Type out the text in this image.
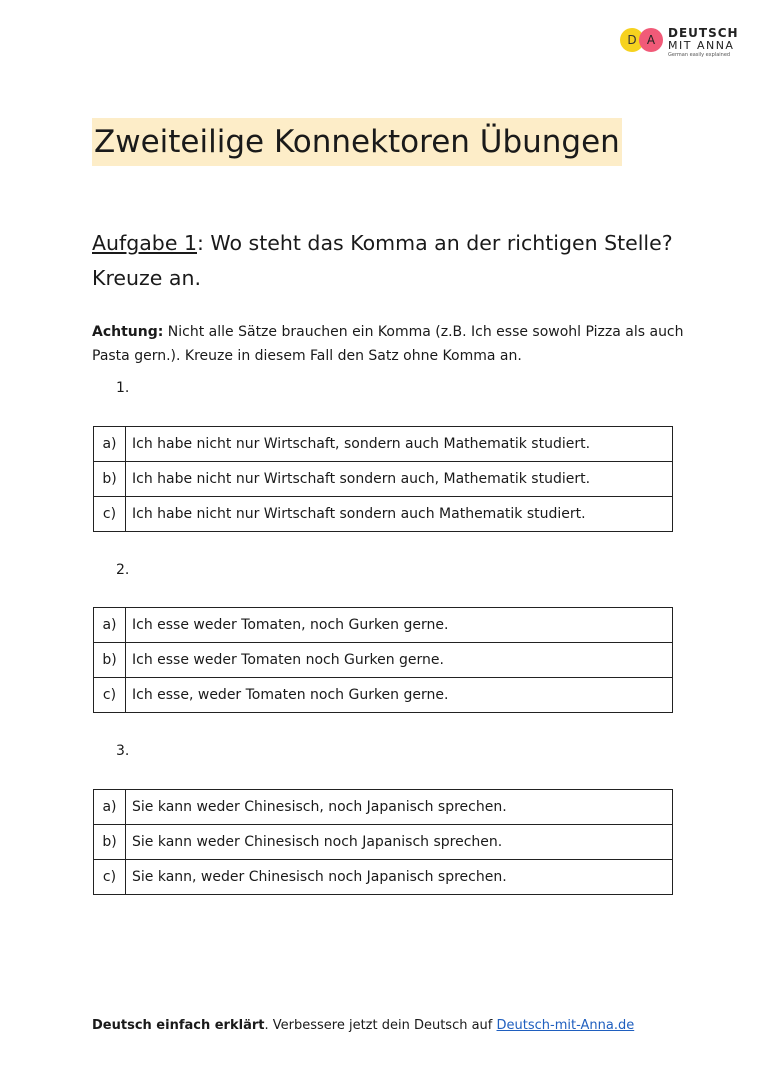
D A	DEUTSCH
MIT ANNA
German easily explained
Zweiteilige Konnektoren Übungen
Aufgabe 1: Wo steht das Komma an der richtigen Stelle? Kreuze an.
Achtung: Nicht alle Sätze brauchen ein Komma (z.B. Ich esse sowohl Pizza als auch Pasta gern.). Kreuze in diesem Fall den Satz ohne Komma an.
1.
a)	Ich habe nicht nur Wirtschaft, sondern auch Mathematik studiert.
b)	Ich habe nicht nur Wirtschaft sondern auch, Mathematik studiert.
c)	Ich habe nicht nur Wirtschaft sondern auch Mathematik studiert.
2.
a)	Ich esse weder Tomaten, noch Gurken gerne.
b)	Ich esse weder Tomaten noch Gurken gerne.
c)	Ich esse, weder Tomaten noch Gurken gerne.
3.
a)	Sie kann weder Chinesisch, noch Japanisch sprechen.
b)	Sie kann weder Chinesisch noch Japanisch sprechen.
c)	Sie kann, weder Chinesisch noch Japanisch sprechen.
Deutsch einfach erklärt. Verbessere jetzt dein Deutsch auf Deutsch-mit-Anna.de
